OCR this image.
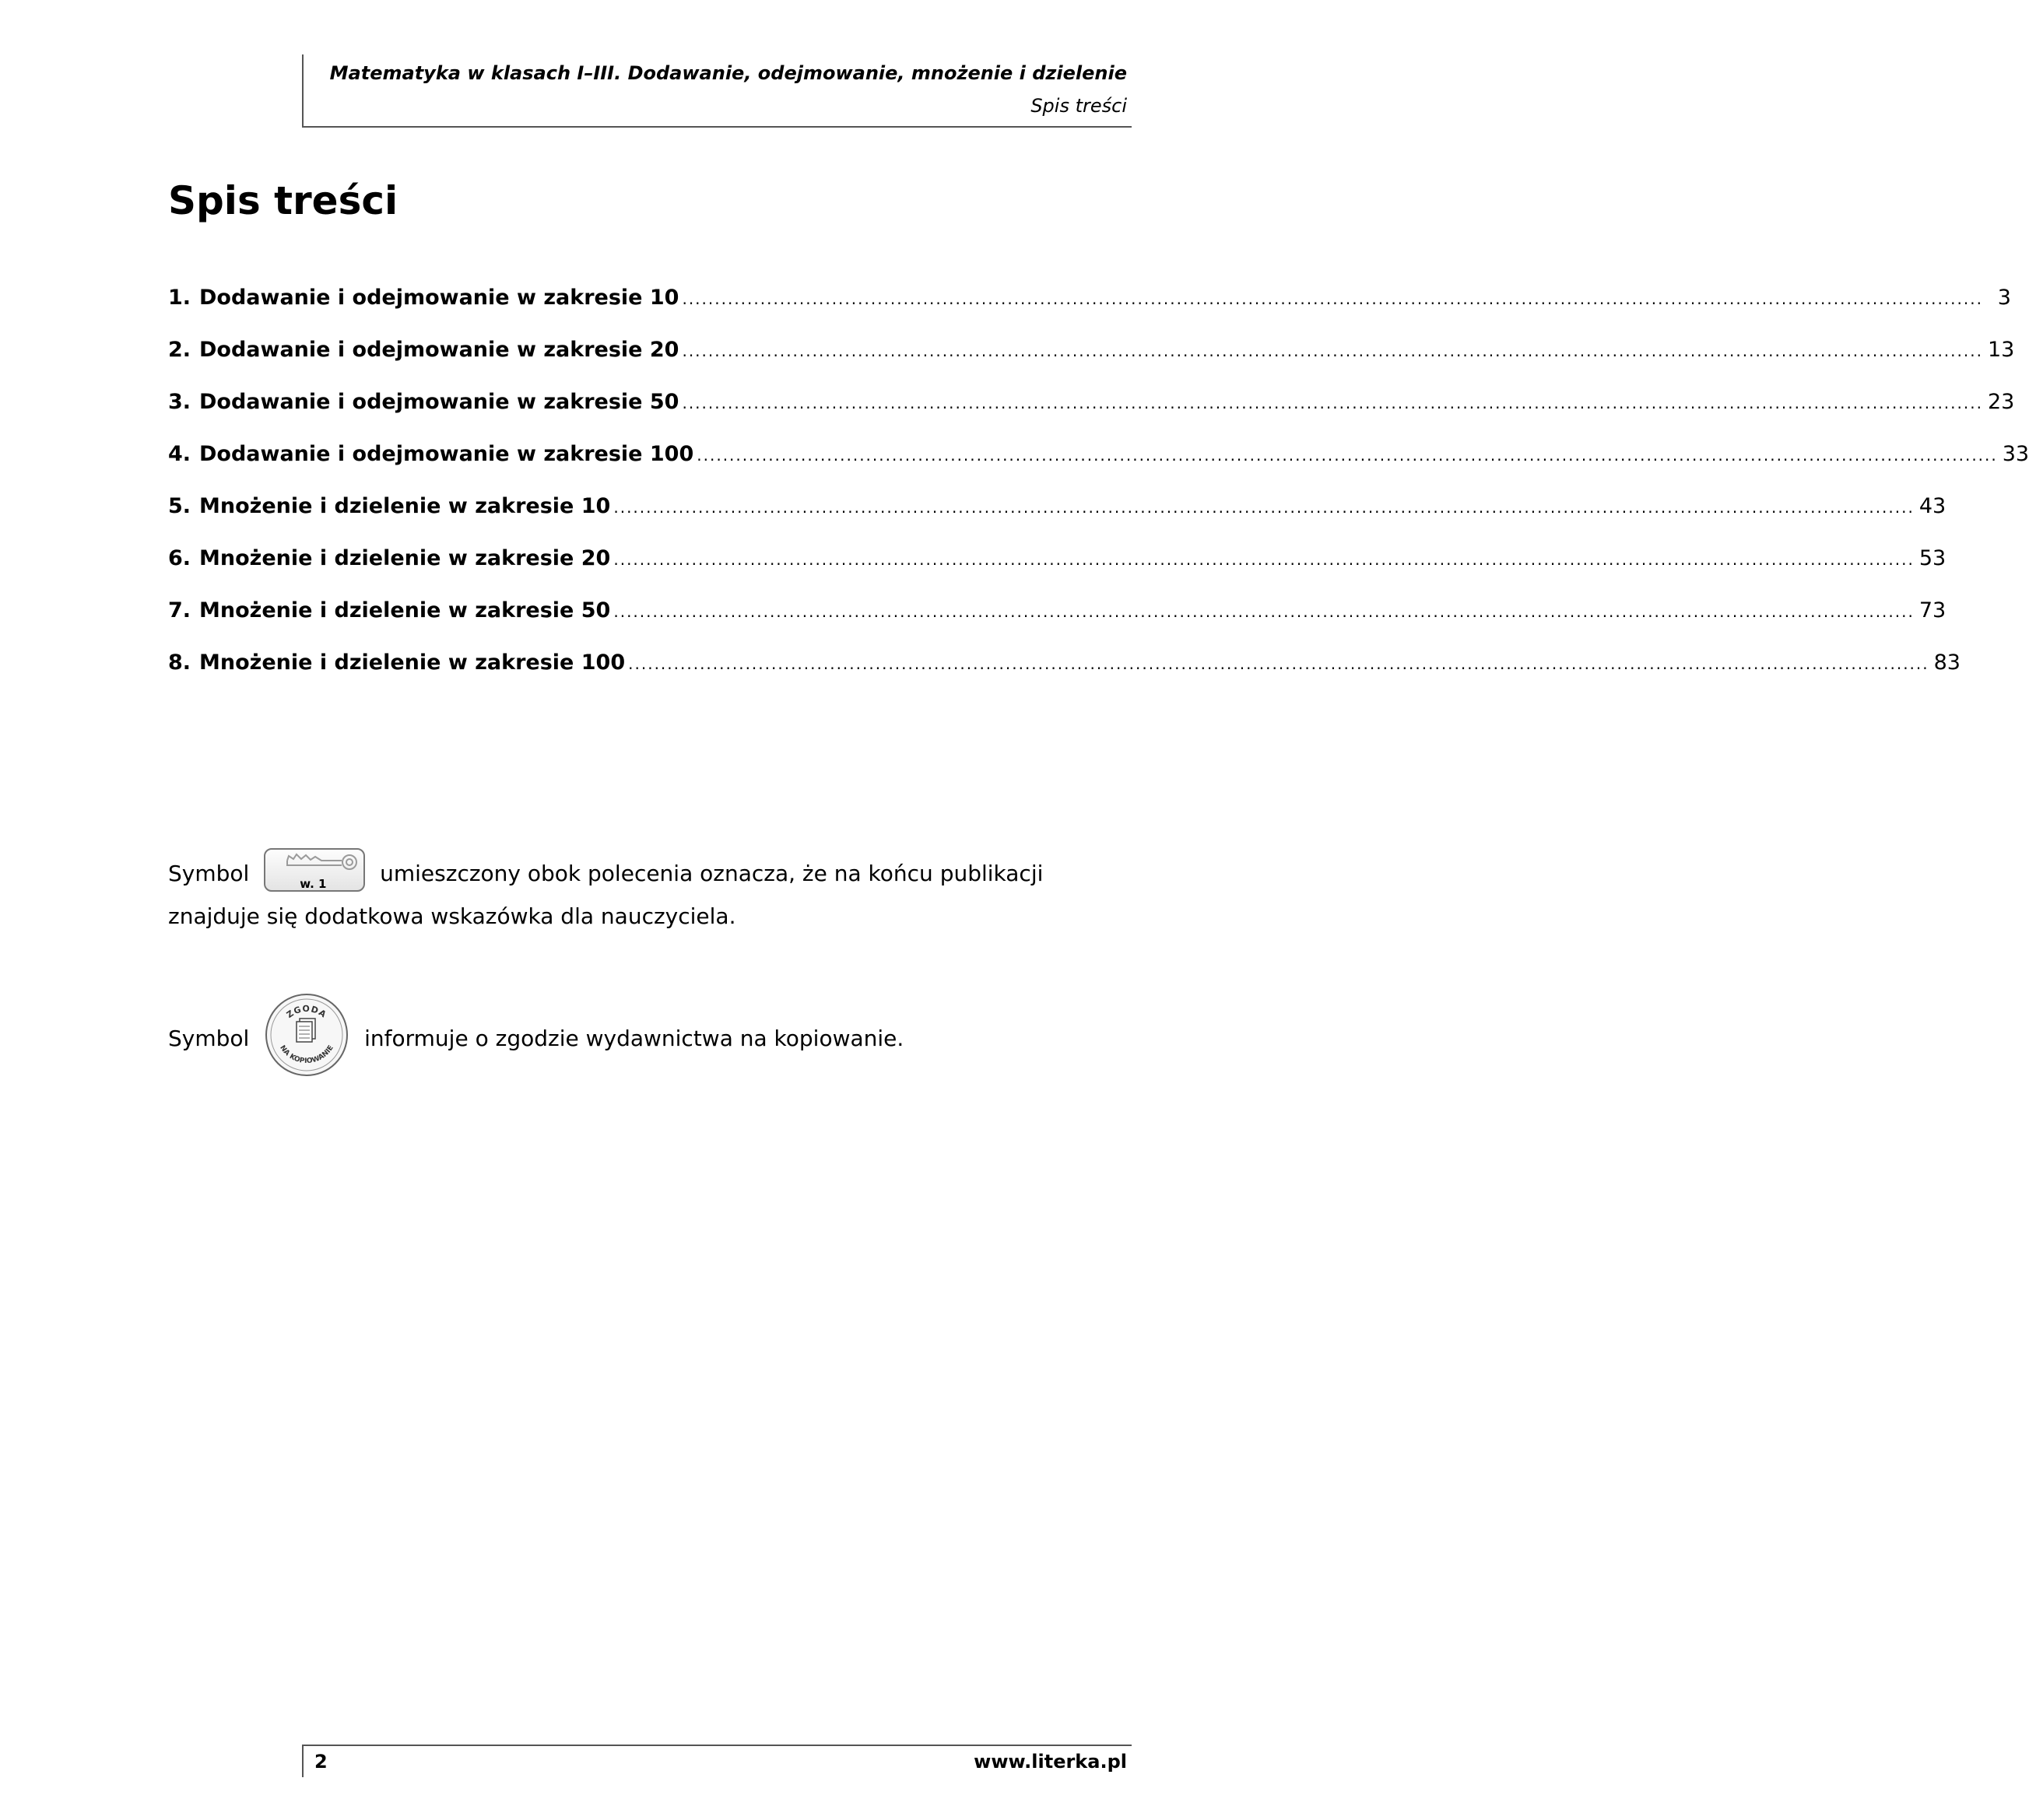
Matematyka w klasach I–III. Dodawanie, odejmowanie, mnożenie i dzielenie
Spis treści
Spis treści
1. Dodawanie i odejmowanie w zakresie 10 ........................................................................................................................................................................................................ 3
2. Dodawanie i odejmowanie w zakresie 20 ........................................................................................................................................................................................................ 13
3. Dodawanie i odejmowanie w zakresie 50 ........................................................................................................................................................................................................ 23
4. Dodawanie i odejmowanie w zakresie 100 ........................................................................................................................................................................................................ 33
5. Mnożenie i dzielenie w zakresie 10 ........................................................................................................................................................................................................ 43
6. Mnożenie i dzielenie w zakresie 20 ........................................................................................................................................................................................................ 53
7. Mnożenie i dzielenie w zakresie 50 ........................................................................................................................................................................................................ 73
8. Mnożenie i dzielenie w zakresie 100 ........................................................................................................................................................................................................ 83
Symbol	w. 1 umieszczony obok polecenia oznacza, że na końcu publikacji znajduje się dodatkowa wskazówka dla nauczyciela.
Symbol
ZGODA
NA KOPIOWANIE informuje o zgodzie wydawnictwa na kopiowanie.
2	www.literka.pl
